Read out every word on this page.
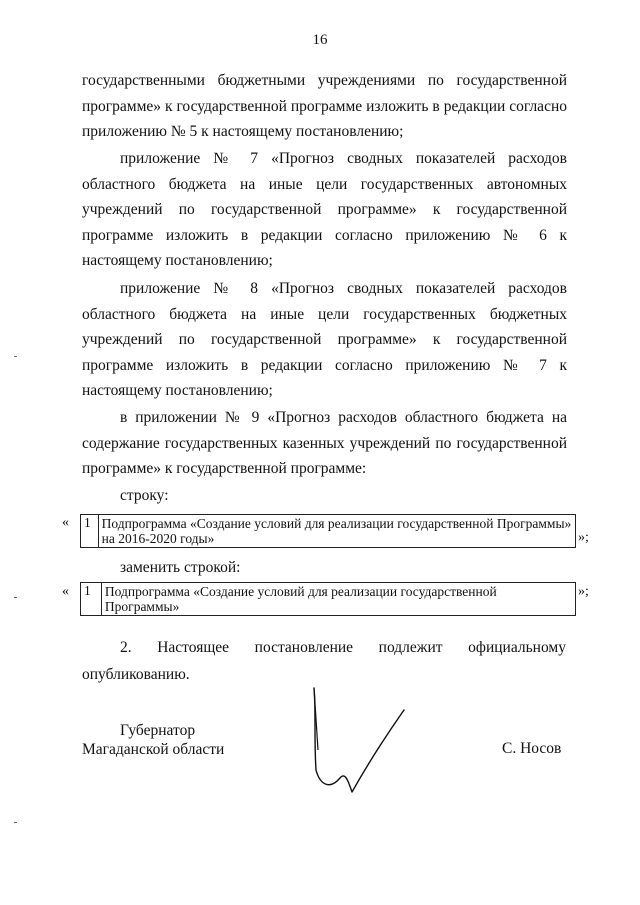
16

государственными бюджетными учреждениями по государственной программе» к государственной программе изложить в редакции согласно приложению № 5 к настоящему постановлению;

приложение № 7 «Прогноз сводных показателей расходов областного бюджета на иные цели государственных автономных учреждений по государственной программе» к государственной программе изложить в редакции согласно приложению № 6 к настоящему постановлению;

приложение № 8 «Прогноз сводных показателей расходов областного бюджета на иные цели государственных бюджетных учреждений по государственной программе» к государственной программе изложить в редакции согласно приложению № 7 к настоящему постановлению;

в приложении № 9 «Прогноз расходов областного бюджета на содержание государственных казенных учреждений по государственной программе» к государственной программе:

строку:
« 1 Подпрограмма «Создание условий для реализации государственной Программы» на 2016-2020 годы»	»;
заменить строкой:
« 1	Подпрограмма «Создание условий для реализации государственной Программы»
»;
2. Настоящее постановление подлежит официальному
опубликованию.
Губернатор
Магаданской области	С. Носов
